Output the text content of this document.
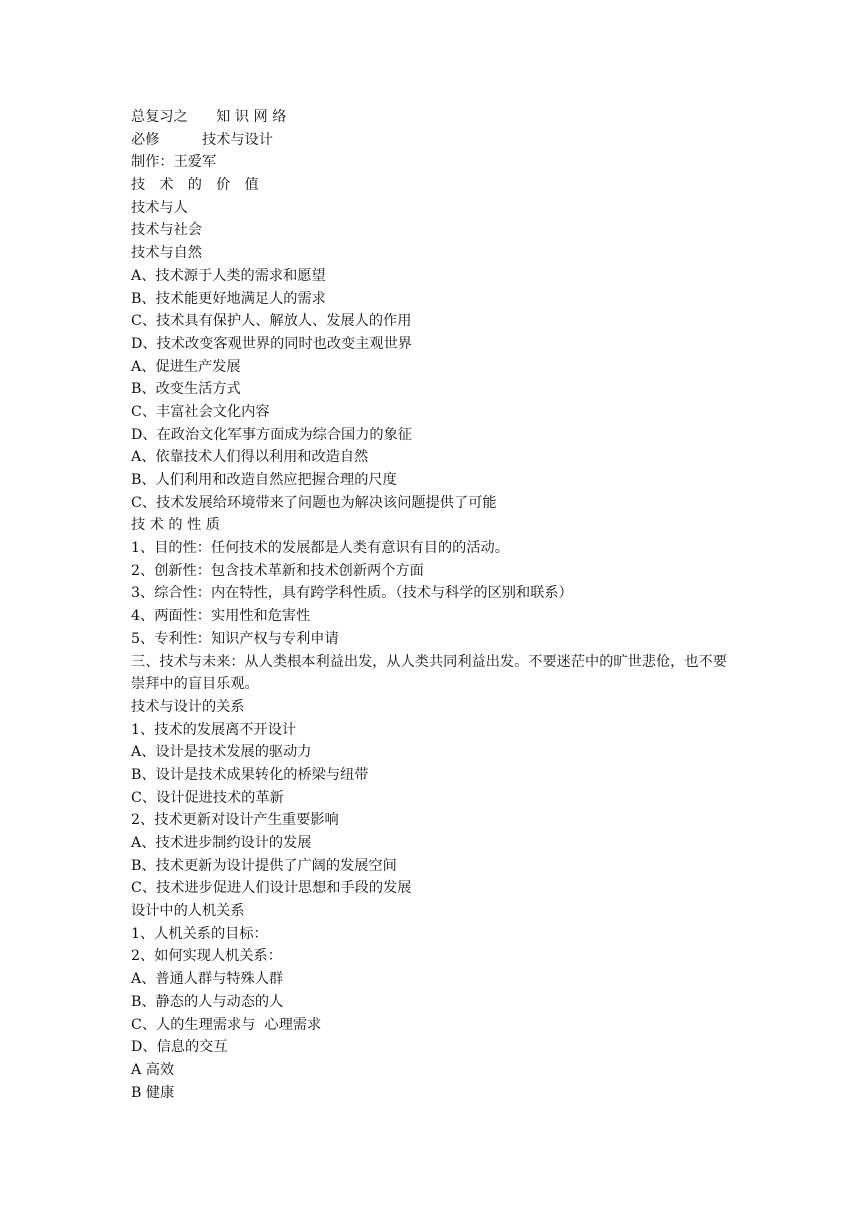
总复习之　　知 识 网 络
必修　　　技术与设计
制作：王爱军
技　术　的　价　值
技术与人
技术与社会
技术与自然
A、技术源于人类的需求和愿望
B、技术能更好地满足人的需求
C、技术具有保护人、解放人、发展人的作用
D、技术改变客观世界的同时也改变主观世界
A、促进生产发展
B、改变生活方式
C、丰富社会文化内容
D、在政治文化军事方面成为综合国力的象征
A、依靠技术人们得以利用和改造自然
B、人们利用和改造自然应把握合理的尺度
C、技术发展给环境带来了问题也为解决该问题提供了可能
技 术 的 性 质
1、目的性：任何技术的发展都是人类有意识有目的的活动。
2、创新性：包含技术革新和技术创新两个方面
3、综合性：内在特性，具有跨学科性质。（技术与科学的区别和联系）
4、两面性：实用性和危害性
5、专利性：知识产权与专利申请
三、技术与未来：从人类根本利益出发，从人类共同利益出发。不要迷茫中的旷世悲伧，也不要崇拜中的盲目乐观。
技术与设计的关系
1、技术的发展离不开设计
A、设计是技术发展的驱动力
B、设计是技术成果转化的桥梁与纽带
C、设计促进技术的革新
2、技术更新对设计产生重要影响
A、技术进步制约设计的发展
B、技术更新为设计提供了广阔的发展空间
C、技术进步促进人们设计思想和手段的发展
设计中的人机关系
1、人机关系的目标：
2、如何实现人机关系：
A、普通人群与特殊人群
B、静态的人与动态的人
C、人的生理需求与  心理需求
D、信息的交互
A 高效
B 健康
